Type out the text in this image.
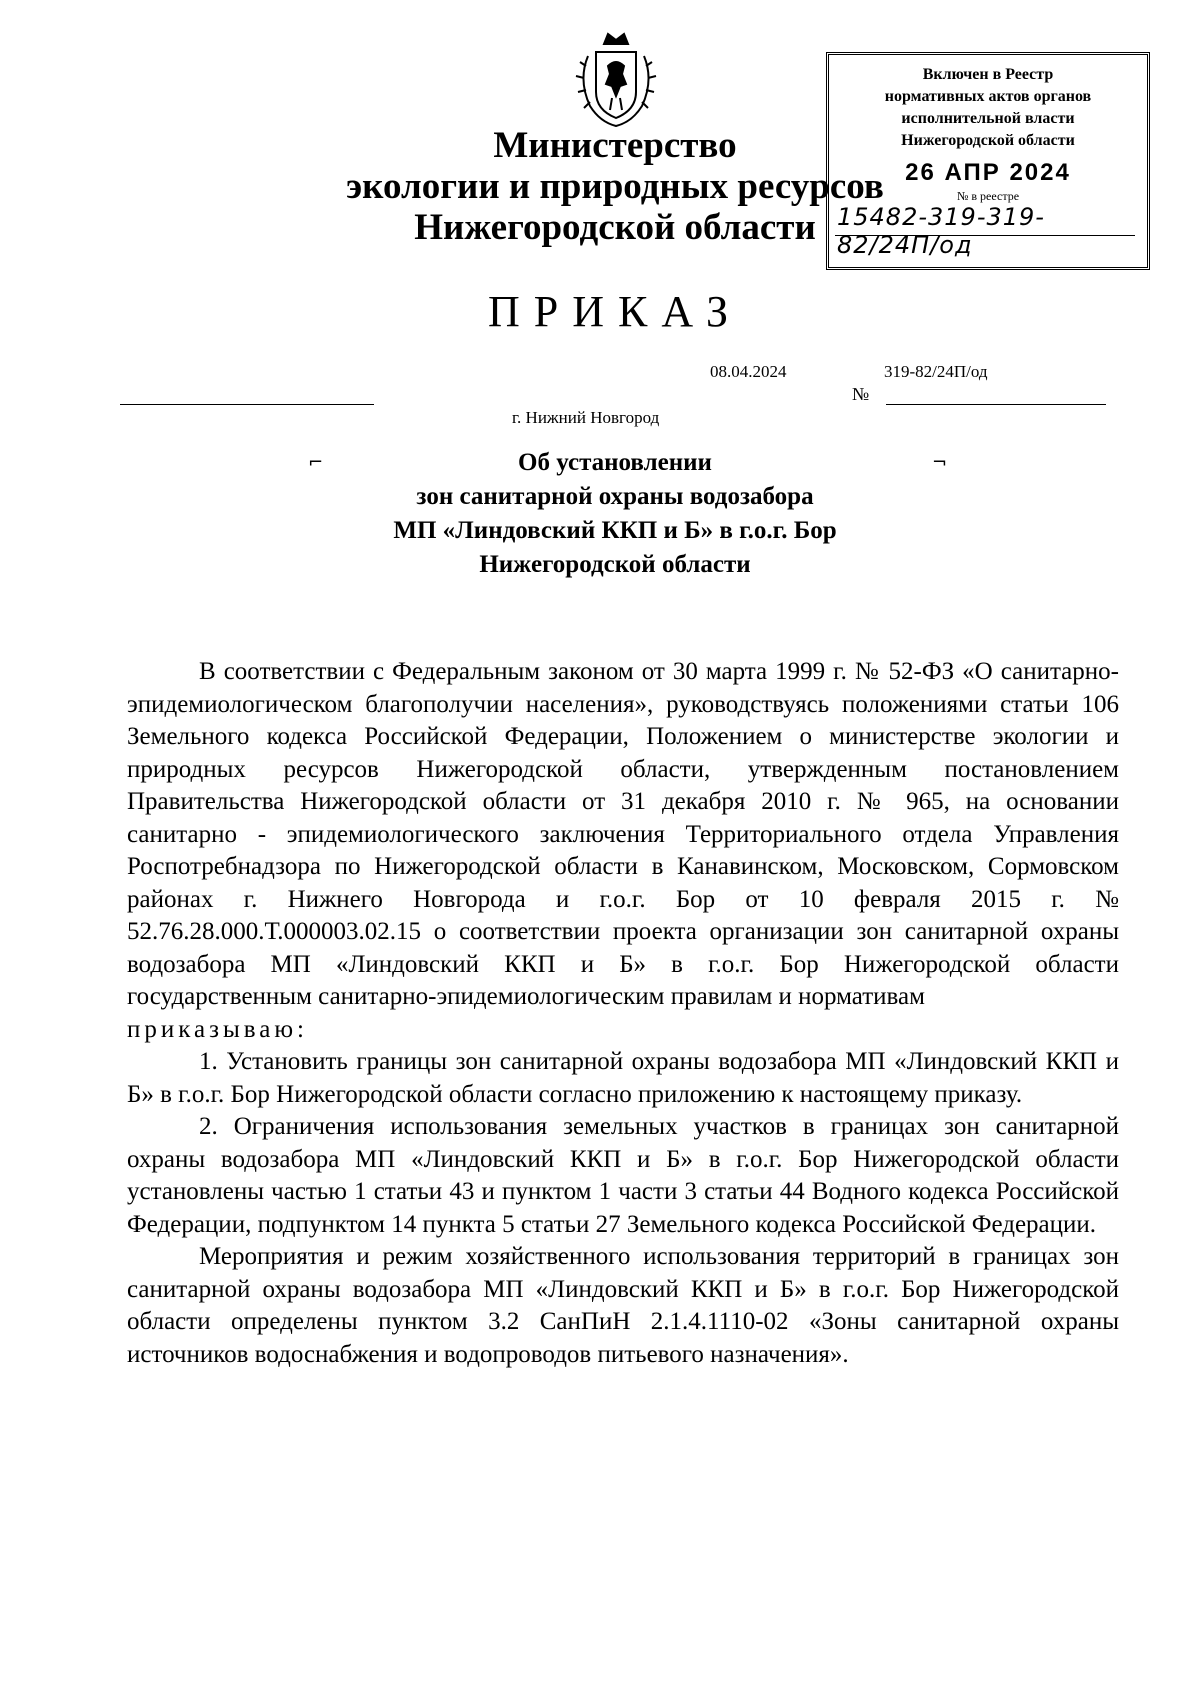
Министерство
экологии и природных ресурсов
Нижегородской области
Включен в Реестр
нормативных актов органов
исполнительной власти
Нижегородской области
26 АПР 2024
№ в реестре
15482-319-319-82/24П/од
ПРИКАЗ
08.04.2024	319-82/24П/од
№
г. Нижний Новгород
⌐	¬
Об установлении
зон санитарной охраны водозабора
МП «Линдовский ККП и Б» в г.о.г. Бор
Нижегородской области

В соответствии с Федеральным законом от 30 марта 1999 г. № 52-ФЗ «О санитарно-эпидемиологическом благополучии населения», руководствуясь положениями статьи 106 Земельного кодекса Российской Федерации, Положением о министерстве экологии и природных ресурсов Нижегородской области, утвержденным постановлением Правительства Нижегородской области от 31 декабря 2010 г. № 965, на основании санитарно - эпидемиологического заключения Территориального отдела Управления Роспотребнадзора по Нижегородской области в Канавинском, Московском, Сормовском районах г. Нижнего Новгорода и г.о.г. Бор от 10 февраля 2015 г. № 52.76.28.000.Т.000003.02.15 о соответствии проекта организации зон санитарной охраны водозабора МП «Линдовский ККП и Б» в г.о.г. Бор Нижегородской области государственным санитарно-эпидемиологическим правилам и нормативам

приказываю:

1. Установить границы зон санитарной охраны водозабора МП «Линдовский ККП и Б» в г.о.г. Бор Нижегородской области согласно приложению к настоящему приказу.

2. Ограничения использования земельных участков в границах зон санитарной охраны водозабора МП «Линдовский ККП и Б» в г.о.г. Бор Нижегородской области установлены частью 1 статьи 43 и пунктом 1 части 3 статьи 44 Водного кодекса Российской Федерации, подпунктом 14 пункта 5 статьи 27 Земельного кодекса Российской Федерации.

Мероприятия и режим хозяйственного использования территорий в границах зон санитарной охраны водозабора МП «Линдовский ККП и Б» в г.о.г. Бор Нижегородской области определены пунктом 3.2 СанПиН 2.1.4.1110-02 «Зоны санитарной охраны источников водоснабжения и водопроводов питьевого назначения».
